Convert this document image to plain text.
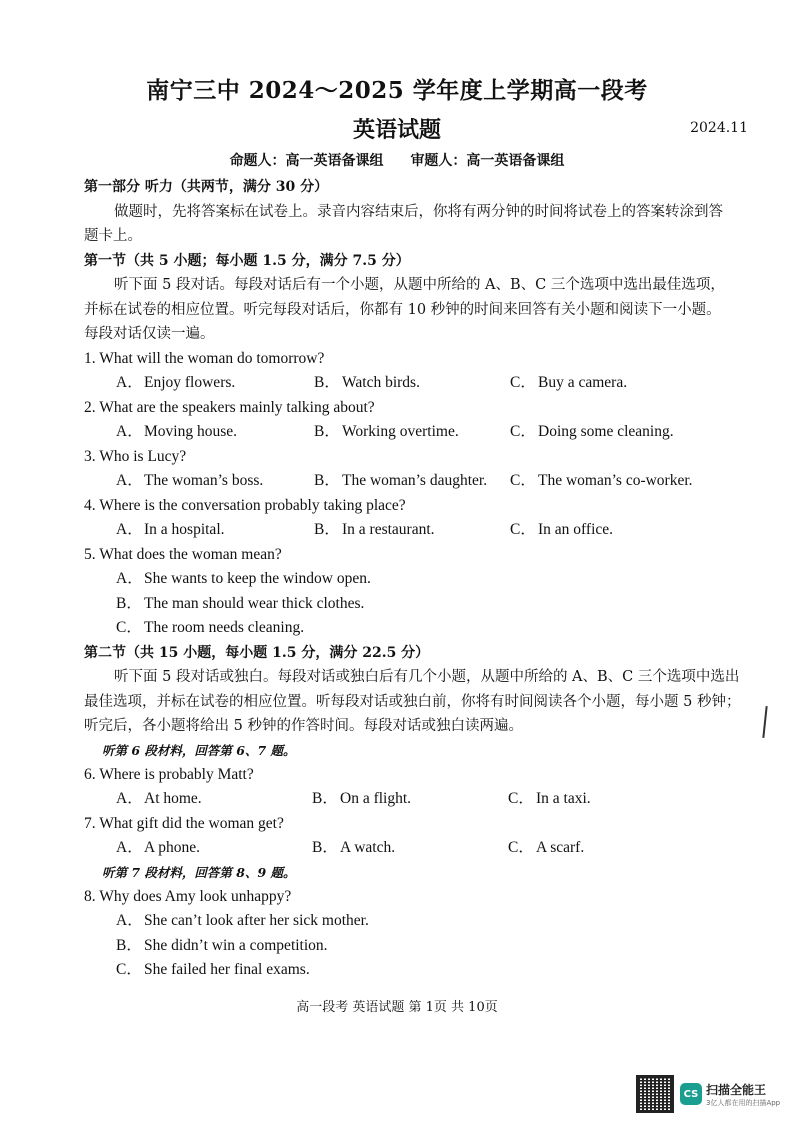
南宁三中 2024～2025 学年度上学期高一段考
英语试题	2024.11
命题人：高一英语备课组 审题人：高一英语备课组
第一部分 听力（共两节，满分 30 分）
做题时，先将答案标在试卷上。录音内容结束后，你将有两分钟的时间将试卷上的答案转涂到答
题卡上。
第一节（共 5 小题；每小题 1.5 分，满分 7.5 分）
听下面 5 段对话。每段对话后有一个小题，从题中所给的 A、B、C 三个选项中选出最佳选项，
并标在试卷的相应位置。听完每段对话后，你都有 10 秒钟的时间来回答有关小题和阅读下一小题。
每段对话仅读一遍。
1. What will the woman do tomorrow?
A．Enjoy flowers.	B． Watch birds.	C． Buy a camera.
2. What are the speakers mainly talking about?
A．Moving house.	B． Working overtime.	C． Doing some cleaning.
3. Who is Lucy?
A．The woman’s boss.	B． The woman’s daughter.	C． The woman’s co-worker.
4. Where is the conversation probably taking place?
A．In a hospital.	B． In a restaurant.	C． In an office.
5. What does the woman mean?
A．She wants to keep the window open.
B． The man should wear thick clothes.
C． The room needs cleaning.
第二节（共 15 小题，每小题 1.5 分，满分 22.5 分）
听下面 5 段对话或独白。每段对话或独白后有几个小题，从题中所给的 A、B、C 三个选项中选出
最佳选项，并标在试卷的相应位置。听每段对话或独白前，你将有时间阅读各个小题，每小题 5 秒钟；
听完后，各小题将给出 5 秒钟的作答时间。每段对话或独白读两遍。
听第 6 段材料，回答第 6、7 题。
6. Where is probably Matt?
A．At home.	B． On a flight.	C． In a taxi.
7. What gift did the woman get?
A．A phone.	B． A watch.	C． A scarf.
听第 7 段材料，回答第 8、9 题。
8. Why does Amy look unhappy?
A．She can’t look after her sick mother.
B． She didn’t win a competition.
C． She failed her final exams.
高一段考 英语试题 第 1页 共 10页
CS 扫描全能王
3亿人都在用的扫描App
